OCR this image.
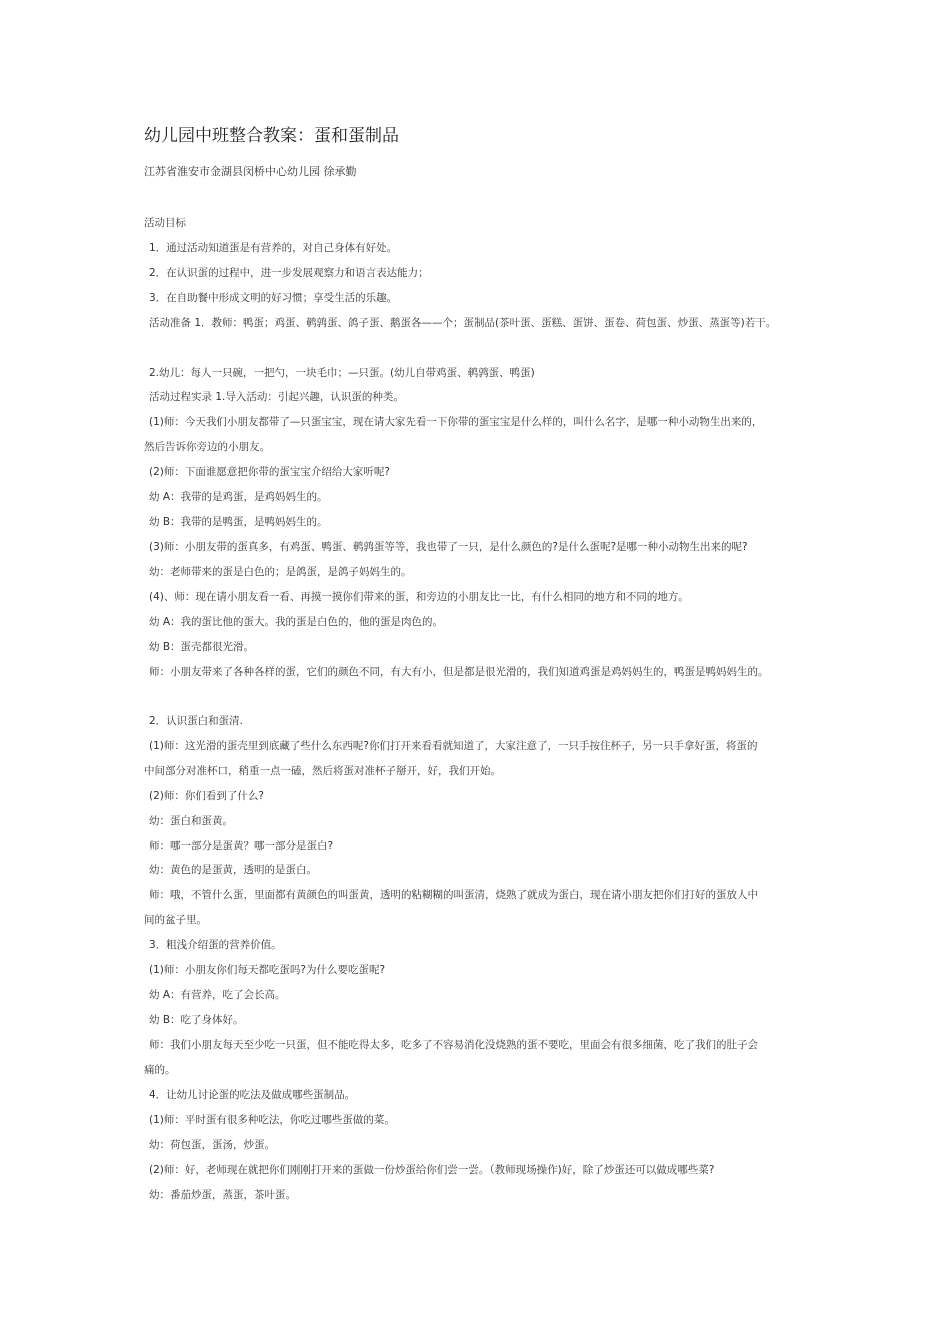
幼儿园中班整合教案：蛋和蛋制品
江苏省淮安市金湖县闵桥中心幼儿园 徐承勤
活动目标
1．通过活动知道蛋是有营养的，对自己身体有好处。
2．在认识蛋的过程中，进一步发展观察力和语言表达能力；
3．在自助餐中形成文明的好习惯；享受生活的乐趣。
活动准备 1．教师：鸭蛋；鸡蛋、鹌鹑蛋、鸽子蛋、鹅蛋各——个；蛋制品(茶叶蛋、蛋糕、蛋饼、蛋卷、荷包蛋、炒蛋、蒸蛋等)若干。
2.幼儿：每人一只碗，一把勺，一块毛巾；—只蛋。(幼儿自带鸡蛋、鹌鹑蛋、鸭蛋)
活动过程实录 1.导入活动：引起兴趣，认识蛋的种类。
(1)师：今天我们小朋友都带了—只蛋宝宝，现在请大家先看一下你带的蛋宝宝是什么样的，叫什么名字，是哪一种小动物生出来的，
然后告诉你旁边的小朋友。
(2)师：下面谁愿意把你带的蛋宝宝介绍给大家听呢?
幼 A：我带的是鸡蛋，是鸡妈妈生的。
幼 B：我带的是鸭蛋，是鸭妈妈生的。
(3)师：小朋友带的蛋真多，有鸡蛋、鸭蛋、鹌鹑蛋等等，我也带了一只，是什么颜色的?是什么蛋呢?是哪一种小动物生出来的呢?
幼：老师带来的蛋是白色的；是鸽蛋，是鸽子妈妈生的。
(4)、师：现在请小朋友看一看、再摸一摸你们带来的蛋，和旁边的小朋友比一比，有什么相同的地方和不同的地方。
幼 A：我的蛋比他的蛋大。我的蛋是白色的，他的蛋是肉色的。
幼 B：蛋壳都很光滑。
师：小朋友带来了各种各样的蛋，它们的颜色不同，有大有小，但是都是很光滑的，我们知道鸡蛋是鸡妈妈生的，鸭蛋是鸭妈妈生的。
2．认识蛋白和蛋清.
(1)师：这光滑的蛋壳里到底藏了些什么东西呢?你们打开来看看就知道了，大家注意了，一只手按住杯子，另一只手拿好蛋，将蛋的
中间部分对准杯口，稍重一点一磕，然后将蛋对准杯子掰开，好，我们开始。
(2)师：你们看到了什么?
幼：蛋白和蛋黄。
师：哪一部分是蛋黄？哪一部分是蛋白?
幼：黄色的是蛋黄，透明的是蛋白。
师：哦，不管什么蛋，里面都有黄颜色的叫蛋黄，透明的粘糊糊的叫蛋清，烧熟了就成为蛋白，现在请小朋友把你们打好的蛋放人中
间的盆子里。
3．粗浅介绍蛋的营养价值。
(1)师：小朋友你们每天都吃蛋吗?为什么要吃蛋呢?
幼 A：有营养，吃了会长高。
幼 B：吃了身体好。
师：我们小朋友每天至少吃一只蛋，但不能吃得太多，吃多了不容易消化没烧熟的蛋不要吃，里面会有很多细菌，吃了我们的肚子会
痛的。
4．让幼儿讨论蛋的吃法及做成哪些蛋制品。
(1)师：平时蛋有很多种吃法，你吃过哪些蛋做的菜。
幼：荷包蛋，蛋汤，炒蛋。
(2)师：好，老师现在就把你们刚刚打开来的蛋做一份炒蛋给你们尝一尝。（教师现场操作)好，除了炒蛋还可以做成哪些菜?
幼：番茄炒蛋，蒸蛋，茶叶蛋。
